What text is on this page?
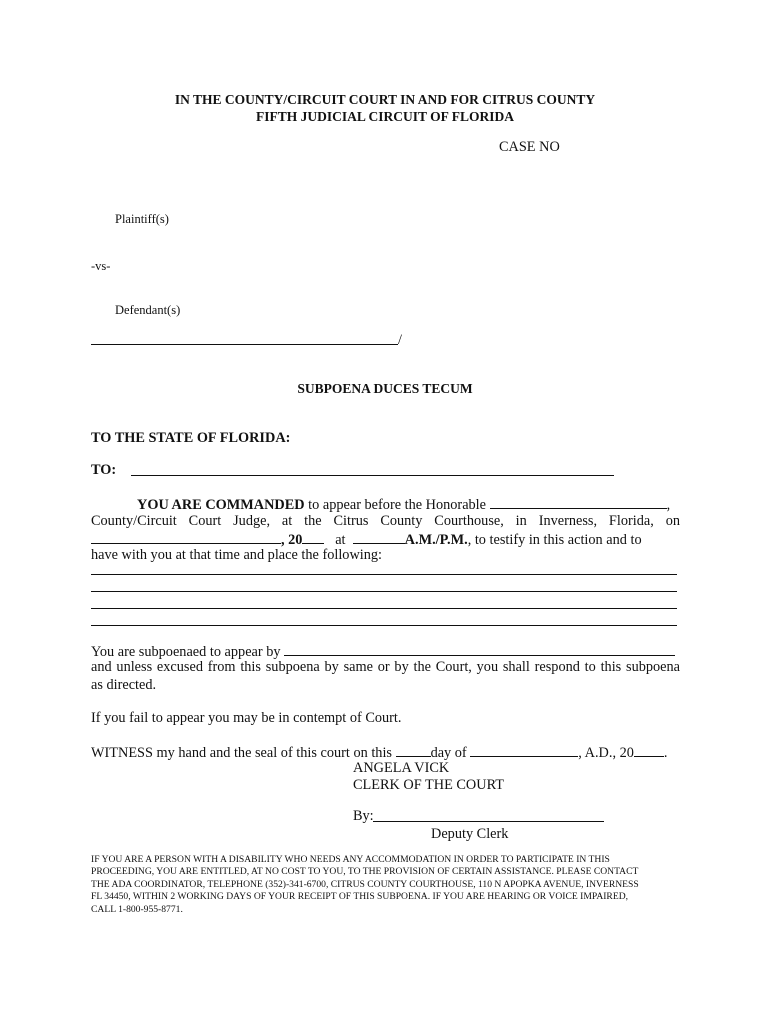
IN THE COUNTY/CIRCUIT COURT IN AND FOR CITRUS COUNTY
FIFTH JUDICIAL CIRCUIT OF FLORIDA
CASE NO
Plaintiff(s)
-vs-
Defendant(s)
/
SUBPOENA DUCES TECUM
TO THE STATE OF FLORIDA:
TO:
YOU ARE COMMANDED to appear before the Honorable	,
County/Circuit  Court  Judge,  at  the  Citrus  County  Courthouse,  in  Inverness,  Florida,  on
, 20 at	A.M./P.M., to testify in this action and to
have with you at that time and place the following:
You are subpoenaed to appear by
and unless excused from this subpoena by same or by the Court, you shall respond to this subpoena
as directed.
If you fail to appear you may be in contempt of Court.
WITNESS my hand and the seal of this court on this	day of	, A.D., 20 .
ANGELA VICK
CLERK OF THE COURT
By:
Deputy Clerk
IF YOU ARE A PERSON WITH A DISABILITY WHO NEEDS ANY ACCOMMODATION IN ORDER TO PARTICIPATE IN THIS
PROCEEDING, YOU ARE ENTITLED, AT NO COST TO YOU, TO THE PROVISION OF CERTAIN ASSISTANCE. PLEASE CONTACT
THE ADA COORDINATOR, TELEPHONE (352)-341-6700, CITRUS COUNTY COURTHOUSE, 110 N APOPKA AVENUE, INVERNESS
FL 34450, WITHIN 2 WORKING DAYS OF YOUR RECEIPT OF THIS SUBPOENA. IF YOU ARE HEARING OR VOICE IMPAIRED,
CALL 1-800-955-8771.
